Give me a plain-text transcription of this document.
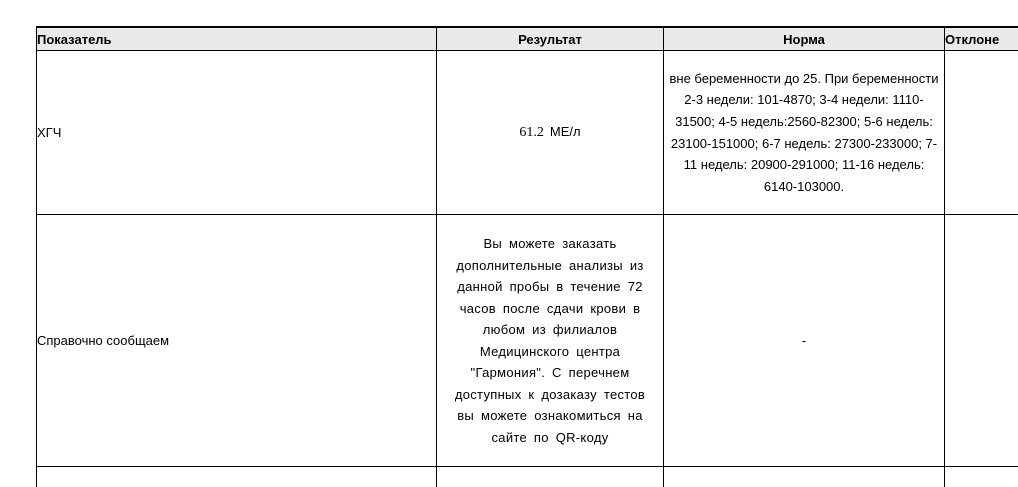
Показатель	Результат	Норма	Отклоне
ХГЧ	61.2 МЕ/л	вне беременности до 25. При беременности 2-3 недели: 101-4870; 3-4 недели: 1110-31500; 4-5 недель:2560-82300; 5-6 недель: 23100-151000; 6-7 недель: 27300-233000; 7-11 недель: 20900-291000; 11-16 недель: 6140-103000.	

Справочно сообщаем	Вы можете заказать дополнительные анализы из данной пробы в течение 72 часов после сдачи крови в любом из филиалов Медицинского центра "Гармония". С перечнем доступных к дозаказу тестов вы можете ознакомиться на сайте по QR-коду	-	
